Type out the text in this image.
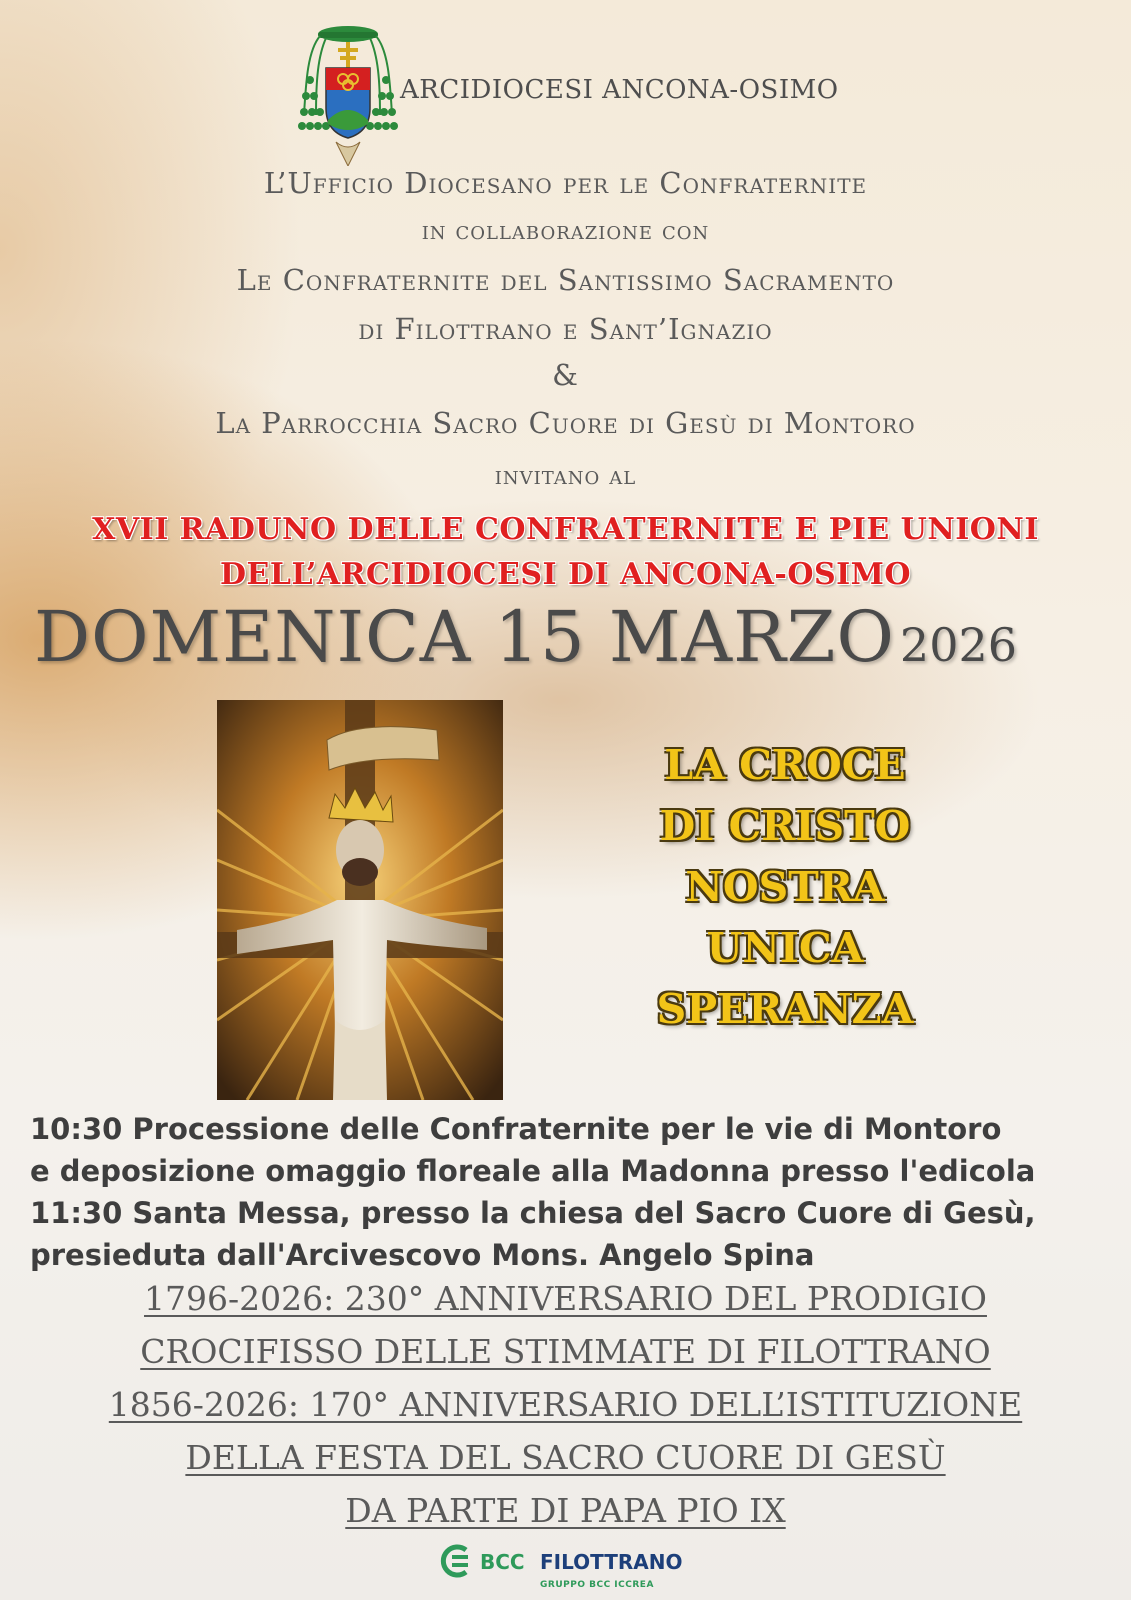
ARCIDIOCESI ANCONA-OSIMO
L’Ufficio Diocesano per le Confraternite
in collaborazione con
Le Confraternite del Santissimo Sacramento
di Filottrano e Sant’Ignazio
&
La Parrocchia Sacro Cuore di Gesù di Montoro
invitano al
XVII RADUNO DELLE CONFRATERNITE E PIE UNIONI
DELL’ARCIDIOCESI DI ANCONA-OSIMO
DOMENICA 15 MARZO 2026
LA CROCE
DI CRISTO
NOSTRA
UNICA
SPERANZA
10:30 Processione delle Confraternite per le vie di Montoro
e deposizione omaggio floreale alla Madonna presso l'edicola
11:30 Santa Messa, presso la chiesa del Sacro Cuore di Gesù,
presieduta dall'Arcivescovo Mons. Angelo Spina
1796-2026: 230° ANNIVERSARIO DEL PRODIGIO
CROCIFISSO DELLE STIMMATE DI FILOTTRANO
1856-2026: 170° ANNIVERSARIO DELL’ISTITUZIONE
DELLA FESTA DEL SACRO CUORE DI GESÙ
DA PARTE DI PAPA PIO IX
BCC FILOTTRANO
GRUPPO BCC ICCREA
